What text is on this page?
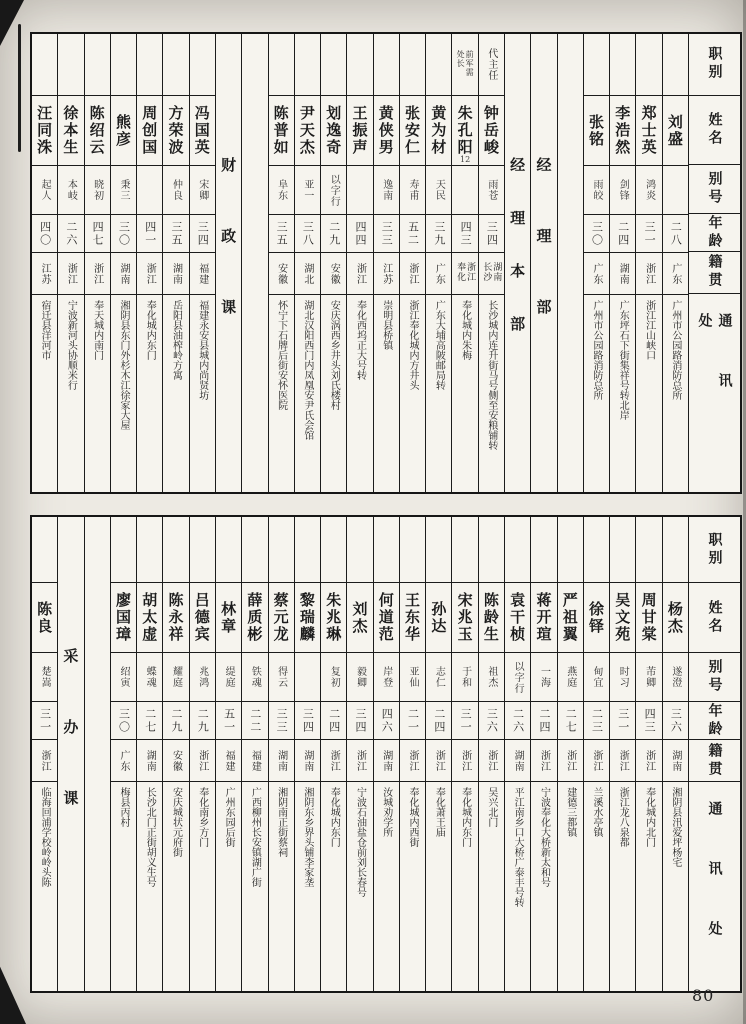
职别
姓名
别号
年龄
籍贯
通讯处
刘盛
二八
广东
广州市公园路消防总所
郑士英
鸿炎
三一
浙江
浙江江山峡口
李浩然
剑锋
二四
湖南
广东坪石下街集祥号转北岸
张铭
雨皎
三〇
广东
广州市公园路消防总所
经理部
经理本部
代主任
钟岳峻
雨苍
三四
湖南长沙
长沙城内连升街马号侧至安粮铺转
前军需处长
朱孔阳
12
四三
浙江奉化
奉化城内朱梅
黄为材
天民
三九
广东
广东大埔高陂邮局转
张安仁
寿甫
五二
浙江
浙江奉化城内方井头
黄侠男
逸南
三三
江苏
崇明县桥镇
王振声
四四
浙江
奉化西坞正大号转
划逸奇
以字行
二九
安徽
安庆涡西乡井头刘氏楼村
尹天杰
亚一
三八
湖北
湖北汉阳西门内凤凰安尹氏会馆
陈普如
阜东
三五
安徽
怀宁下石牌后街安怀医院
财政课
冯国英
宋卿
三四
福建
福建永安县城内尚贤坊
方荣波
仲良
三五
湖南
岳阳县油榨岭方寓
周创国
四一
浙江
奉化城内东门
熊彦
秉三
三〇
湖南
湘阴县东门外杉木江徐家大屋
陈绍云
晓初
四七
浙江
奉天城内南门
徐本生
本岐
二六
浙江
宁波新河头协顺米行
汪同洙
起人
四〇
江苏
宿迁县洋河市
职别
姓名
别号
年龄
籍贯
通讯处
杨杰
遂澄
三六
湖南
湘阴县汛爱坪杨宅
周甘棠
芾卿
四三
浙江
奉化城内北门
吴文苑
时习
三一
浙江
浙江龙八泉都
徐铎
甸宜
二三
浙江
兰溪水亭镇
严祖翼
燕庭
二七
浙江
建德三都镇
蒋开瑄
一海
二四
浙江
宁波奉化大桥新太和号
袁干桢
以字行
二六
湖南
平江南乡口大桥广泰丰号转
陈龄生
祖杰
三六
浙江
吴兴北门
宋兆玉
于和
三一
浙江
奉化城内东门
孙达
志仁
二四
浙江
奉化萧王庙
王东华
亚仙
二一
浙江
奉化城内西街
何道范
岸登
四六
湖南
汝城劝学所
刘杰
毅卿
三四
浙江
宁波石油盐仓前刘长春号
朱兆琳
复初
二四
浙江
奉化城内东门
黎瑞麟
三四
湖南
湘阴东乡界头铺李家垄
蔡元龙
得云
三三
湖南
湘阴南正街蔡祠
薛质彬
铁魂
二二
福建
广西柳州长安镇湖广街
林章
缇庭
五一
福建
广州东园后街
吕德宾
兆鸿
二九
浙江
奉化南乡方门
陈永祥
耀庭
二九
安徽
安庆城状元府街
胡太虚
蝶魂
二七
湖南
长沙北门正街胡义生号
廖国璋
绍寅
三〇
广东
梅县丙村
采办课
陈良
楚嵩
三一
浙江
临海回浦学校岭岭头陈
80
